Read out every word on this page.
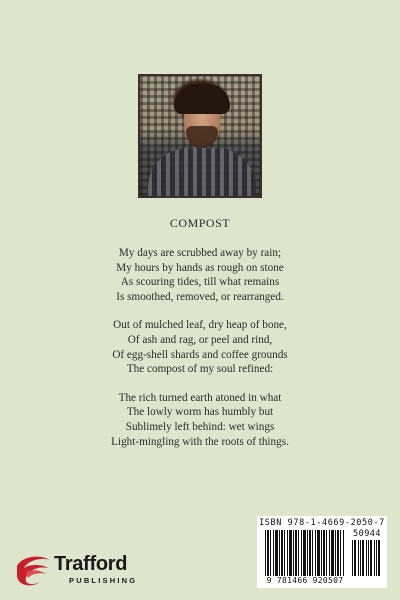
COMPOST
My days are scrubbed away by rain;
My hours by hands as rough on stone
As scouring tides, till what remains
Is smoothed, removed, or rearranged.
Out of mulched leaf, dry heap of bone,
Of ash and rag, or peel and rind,
Of egg-shell shards and coffee grounds
The compost of my soul refined:
The rich turned earth atoned in what
The lowly worm has humbly but
Sublimely left behind: wet wings
Light-mingling with the roots of things.
ISBN 978-1-4669-2050-7
50944
9 781466 920507
Trafford
PUBLISHING
